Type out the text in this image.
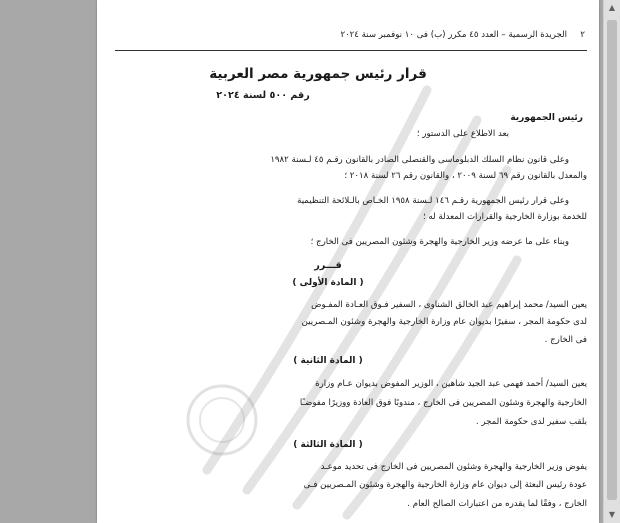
الجريدة الرسمية – العدد ٤٥ مكرر (ب) فى ١٠ نوفمبر سنة ٢٠٢٤ ٢
قرار رئيس جمهورية مصر العربية
رقم ٥٠٠ لسنة ٢٠٢٤
رئيس الجمهورية
بعد الاطلاع على الدستور ؛
وعلى قانون نظام السلك الدبلوماسى والقنصلى الصادر بالقانون رقـم ٤٥ لـسنة ١٩٨٢
والمعدل بالقانون رقم ٦٩ لسنة ٢٠٠٩ ، والقانون رقم ٢٦ لسنة ٢٠١٨ ؛
وعلى قرار رئيس الجمهورية رقـم ١٤٦ لـسنة ١٩٥٨ الخـاص بالـلائحة التنظيمية
للخدمة بوزارة الخارجية والقرارات المعدلة له ؛
وبناء على ما عرضه وزير الخارجية والهجرة وشئون المصريين فى الخارج ؛
قـــرر
( المادة الأولى )
يعين السيد/ محمد إبراهيم عبد الخالق الشناوى ، السفير فـوق العـادة المفـوض
لدى حكومة المجر ، سفيرًا بديوان عام وزارة الخارجية والهجرة وشئون المـصريين
فى الخارج .
( المادة الثانية )
يعين السيد/ أحمد فهمى عبد الجيد شاهين ، الوزير المفوض بديوان عـام وزارة
الخارجية والهجرة وشئون المصريين فى الخارج ، مندوبًا فوق العادة ووزيرًا مفوضـًا
بلقب سفير لدى حكومة المجر .
( المادة الثالثة )
يفوض وزير الخارجية والهجرة وشئون المصريين فى الخارج فى تحديد موعـد
عودة رئيس البعثة إلى ديوان عام وزارة الخارجية والهجرة وشئون المـصريين فـى
الخارج ، وفقًا لما يقدره من اعتبارات الصالح العام .
▲
▼
